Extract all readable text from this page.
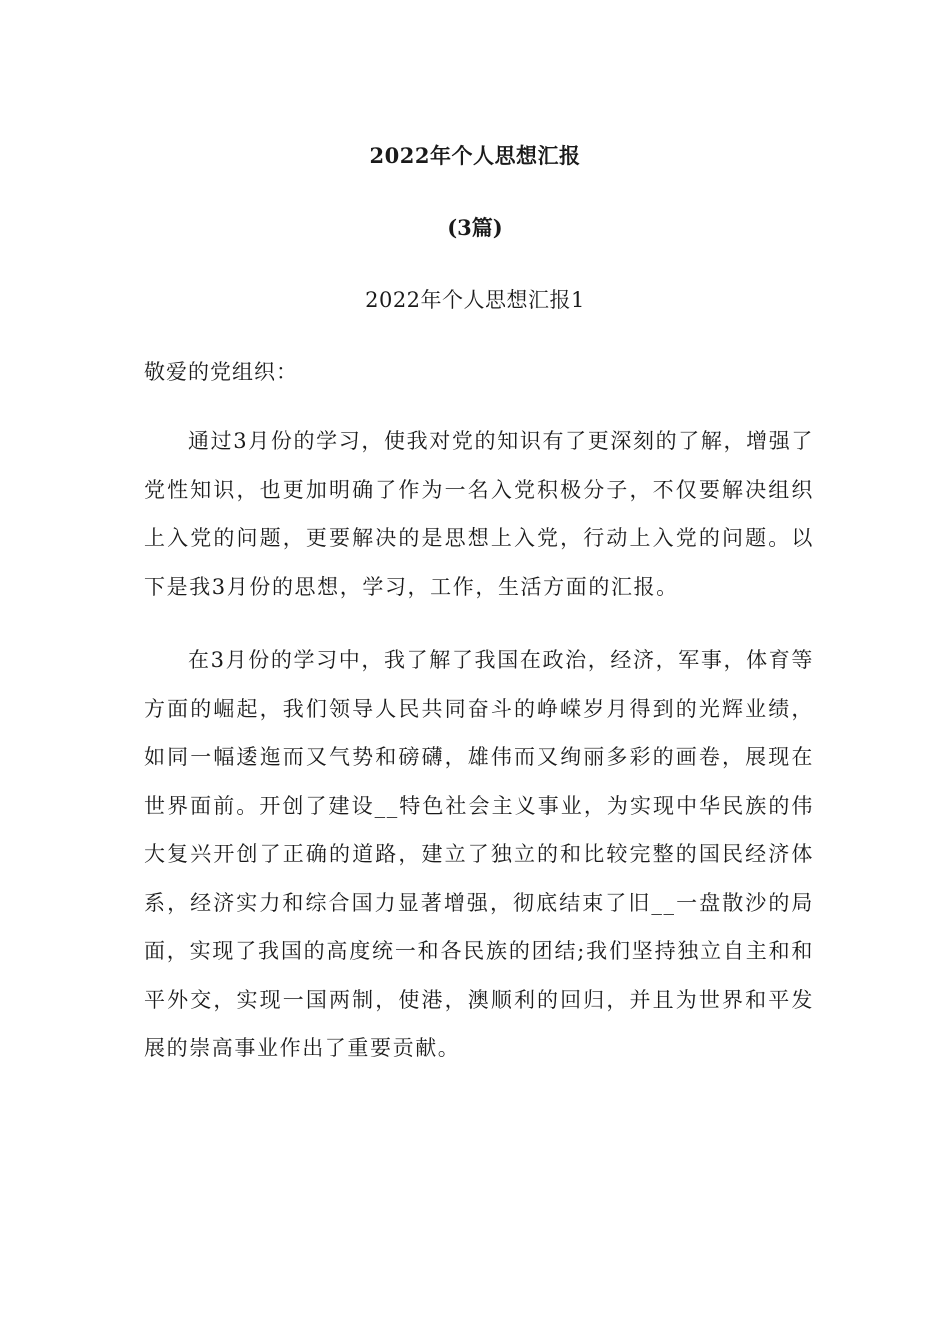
2022年个人思想汇报
(3篇)
2022年个人思想汇报1
敬爱的党组织：

通过3月份的学习，使我对党的知识有了更深刻的了解，增强了党性知识，也更加明确了作为一名入党积极分子，不仅要解决组织上入党的问题，更要解决的是思想上入党，行动上入党的问题。以下是我3月份的思想，学习，工作，生活方面的汇报。

在3月份的学习中，我了解了我国在政治，经济，军事，体育等方面的崛起，我们领导人民共同奋斗的峥嵘岁月得到的光辉业绩，如同一幅逶迤而又气势和磅礴，雄伟而又绚丽多彩的画卷，展现在世界面前。开创了建设__特色社会主义事业，为实现中华民族的伟大复兴开创了正确的道路，建立了独立的和比较完整的国民经济体系，经济实力和综合国力显著增强，彻底结束了旧__一盘散沙的局面，实现了我国的高度统一和各民族的团结;我们坚持独立自主和和平外交，实现一国两制，使港，澳顺利的回归，并且为世界和平发展的崇高事业作出了重要贡献。
